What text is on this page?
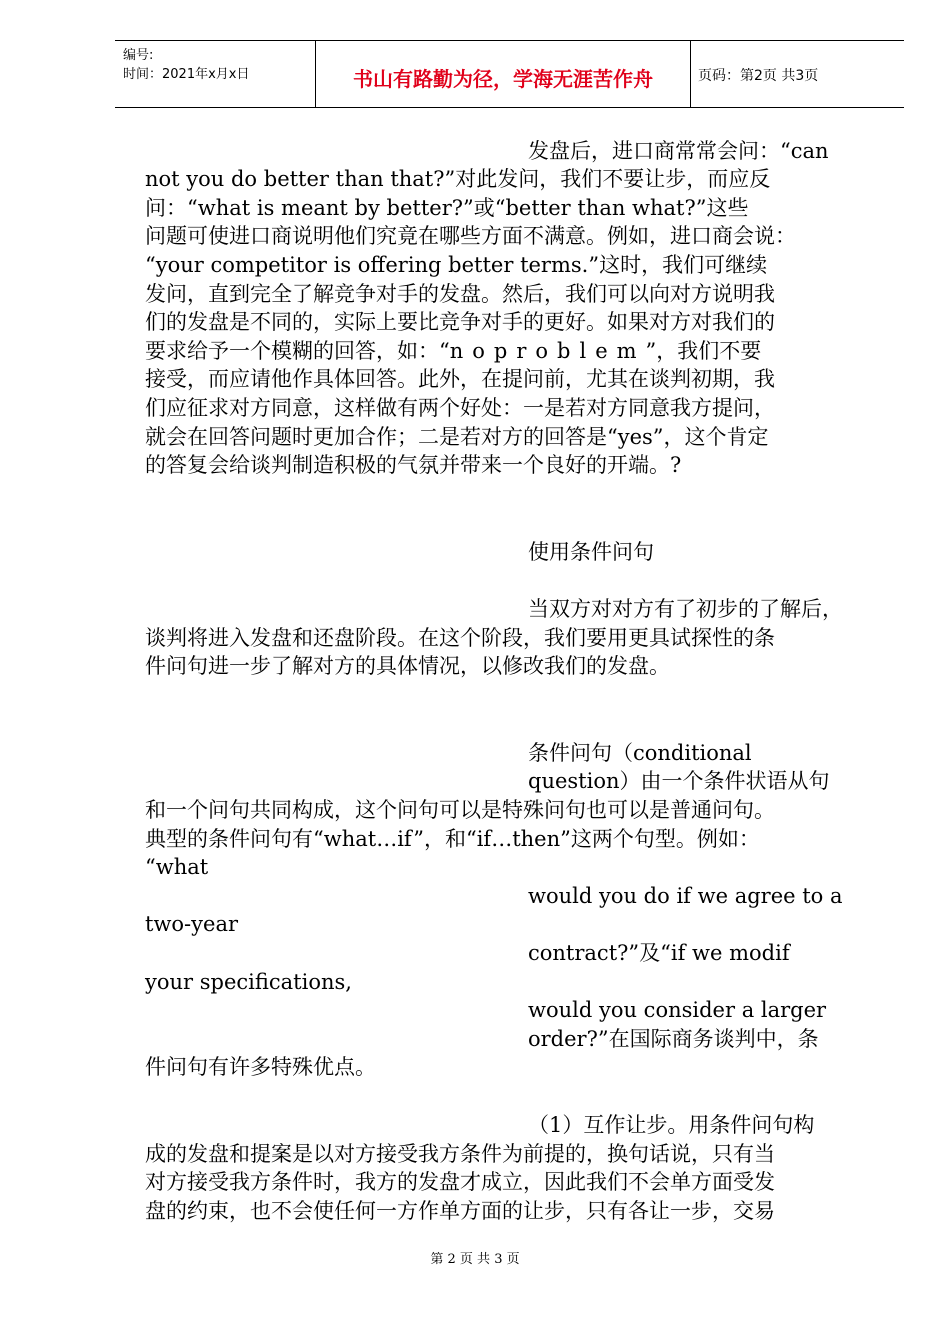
编号:
时间：2021年x月x日	书山有路勤为径，学海无涯苦作舟	页码：第2页 共3页
发盘后，进口商常常会问：“can
not you do better than that?”对此发问，我们不要让步，而应反
问：“what is meant by better?”或“better than what?”这些
问题可使进口商说明他们究竟在哪些方面不满意。例如，进口商会说：
“your competitor is offering better terms.”这时，我们可继续
发问，直到完全了解竞争对手的发盘。然后，我们可以向对方说明我
们的发盘是不同的，实际上要比竞争对手的更好。如果对方对我们的
要求给予一个模糊的回答，如：“noproblem”，我们不要
接受，而应请他作具体回答。此外，在提问前，尤其在谈判初期，我
们应征求对方同意，这样做有两个好处：一是若对方同意我方提问，
就会在回答问题时更加合作；二是若对方的回答是“yes”，这个肯定
的答复会给谈判制造积极的气氛并带来一个良好的开端。?
使用条件问句
当双方对对方有了初步的了解后，
谈判将进入发盘和还盘阶段。在这个阶段，我们要用更具试探性的条
件问句进一步了解对方的具体情况，以修改我们的发盘。
条件问句（conditional
question）由一个条件状语从句
和一个问句共同构成，这个问句可以是特殊问句也可以是普通问句。
典型的条件问句有“what…if”，和“if…then”这两个句型。例如：
“what
would you do if we agree to a
two-year
contract?”及“if we modif
your specifications,
would you consider a larger
order?”在国际商务谈判中，条
件问句有许多特殊优点。
（1）互作让步。用条件问句构
成的发盘和提案是以对方接受我方条件为前提的，换句话说，只有当
对方接受我方条件时，我方的发盘才成立，因此我们不会单方面受发
盘的约束，也不会使任何一方作单方面的让步，只有各让一步，交易
第 2 页 共 3 页
